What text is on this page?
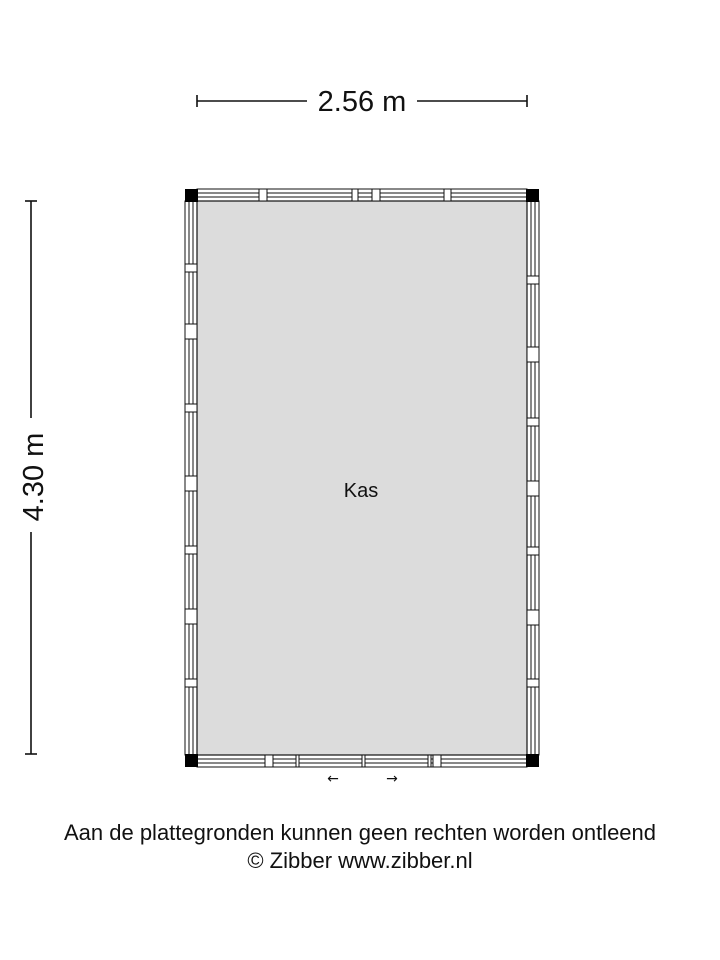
2.56 m
4.30 m
←	→
Kas
Aan de plattegronden kunnen geen rechten worden ontleend
© Zibber www.zibber.nl
